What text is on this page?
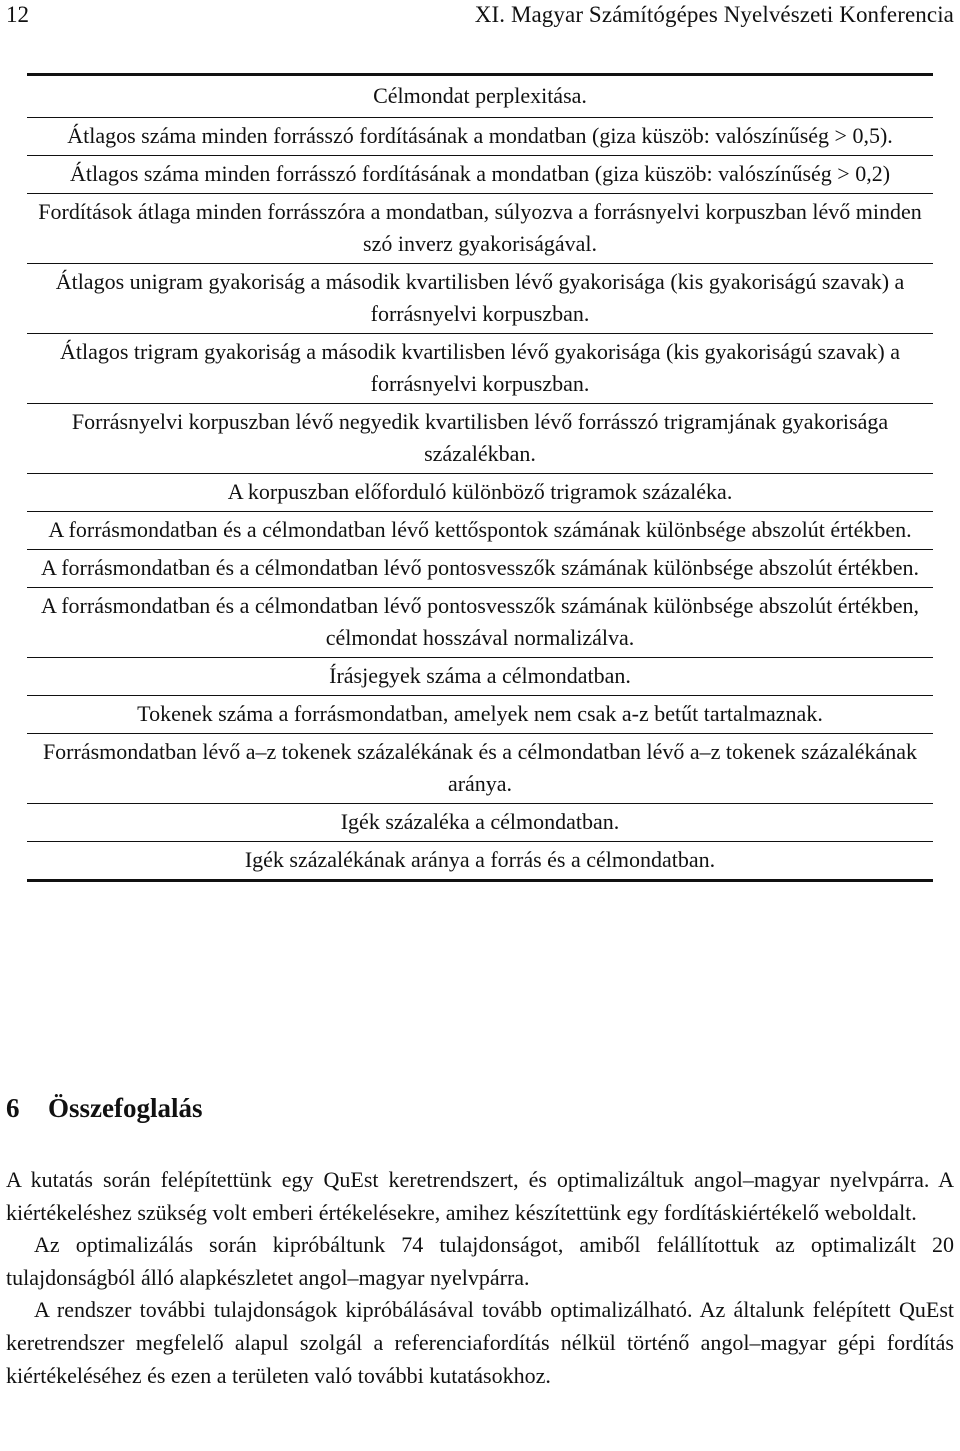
12	XI. Magyar Számítógépes Nyelvészeti Konferencia
Célmondat perplexitása.
Átlagos száma minden forrásszó fordításának a mondatban (giza küszöb: valószínűség > 0,5).
Átlagos száma minden forrásszó fordításának a mondatban (giza küszöb: valószínűség > 0,2)
Fordítások átlaga minden forrásszóra a mondatban, súlyozva a forrásnyelvi korpuszban lévő minden szó inverz gyakoriságával.
Átlagos unigram gyakoriság a második kvartilisben lévő gyakorisága (kis gyakoriságú szavak) a forrásnyelvi korpuszban.
Átlagos trigram gyakoriság a második kvartilisben lévő gyakorisága (kis gyakoriságú szavak) a forrásnyelvi korpuszban.
Forrásnyelvi korpuszban lévő negyedik kvartilisben lévő forrásszó trigramjának gyakorisága százalékban.
A korpuszban előforduló különböző trigramok százaléka.
A forrásmondatban és a célmondatban lévő kettőspontok számának különbsége abszolút értékben.
A forrásmondatban és a célmondatban lévő pontosvesszők számának különbsége abszolút értékben.
A forrásmondatban és a célmondatban lévő pontosvesszők számának különbsége abszolút értékben, célmondat hosszával normalizálva.
Írásjegyek száma a célmondatban.
Tokenek száma a forrásmondatban, amelyek nem csak a-z betűt tartalmaznak.
Forrásmondatban lévő a–z tokenek százalékának és a célmondatban lévő a–z tokenek százalékának aránya.
Igék százaléka a célmondatban.
Igék százalékának aránya a forrás és a célmondatban.
6 Összefoglalás

A kutatás során felépítettünk egy QuEst keretrendszert, és optimalizáltuk angol–magyar nyelvpárra. A kiértékeléshez szükség volt emberi értékelésekre, amihez készítettünk egy fordításkiértékelő weboldalt.

Az optimalizálás során kipróbáltunk 74 tulajdonságot, amiből felállítottuk az optimalizált 20 tulajdonságból álló alapkészletet angol–magyar nyelvpárra.

A rendszer további tulajdonságok kipróbálásával tovább optimalizálható. Az általunk felépített QuEst keretrendszer megfelelő alapul szolgál a referenciafordítás nélkül történő angol–magyar gépi fordítás kiértékeléséhez és ezen a területen való további kutatásokhoz.
